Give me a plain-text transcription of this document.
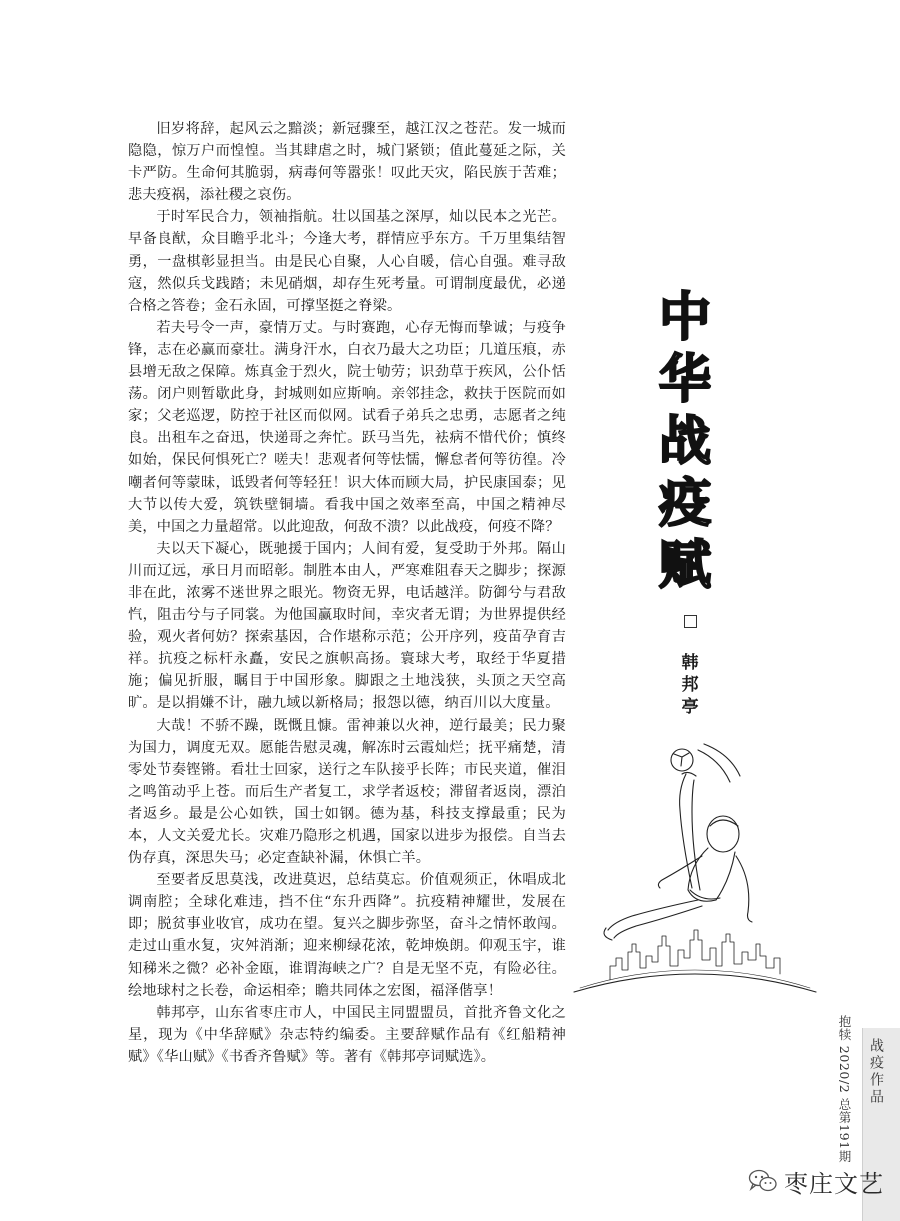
旧岁将辞，起风云之黯淡；新冠骤至，越江汉之苍茫。发一城而隐隐，惊万户而惶惶。当其肆虐之时，城门紧锁；值此蔓延之际，关卡严防。生命何其脆弱，病毒何等嚣张！叹此天灾，陷民族于苦难；悲夫疫祸，添社稷之哀伤。

于时军民合力，领袖指航。壮以国基之深厚，灿以民本之光芒。早备良猷，众目瞻乎北斗；今逢大考，群情应乎东方。千万里集结智勇，一盘棋彰显担当。由是民心自聚，人心自暖，信心自强。难寻敌寇，然似兵戈践踏；未见硝烟，却存生死考量。可谓制度最优，必递合格之答卷；金石永固，可撑坚挺之脊梁。

若夫号令一声，豪情万丈。与时赛跑，心存无悔而挚诚；与疫争锋，志在必赢而豪壮。满身汗水，白衣乃最大之功臣；几道压痕，赤县增无敌之保障。炼真金于烈火，院士劬劳；识劲草于疾风，公仆恬荡。闭户则暂歇此身，封城则如应斯响。亲邻挂念，救扶于医院而如家；父老巡逻，防控于社区而似网。试看子弟兵之忠勇，志愿者之纯良。出租车之奋迅，快递哥之奔忙。跃马当先，袪病不惜代价；慎终如始，保民何惧死亡？嗟夫！悲观者何等怯懦，懈怠者何等彷徨。冷嘲者何等蒙昧，诋毁者何等轻狂！识大体而顾大局，护民康国泰；见大节以传大爱，筑铁壁铜墙。看我中国之效率至高，中国之精神尽美，中国之力量超常。以此迎敌，何敌不溃？以此战疫，何疫不降？

夫以天下凝心，既驰援于国内；人间有爱，复受助于外邦。隔山川而辽远，承日月而昭彰。制胜本由人，严寒难阻春天之脚步；探源非在此，浓雾不迷世界之眼光。物资无界，电话越洋。防御兮与君敌忾，阻击兮与子同裳。为他国赢取时间，幸灾者无谓；为世界提供经验，观火者何妨？探索基因，合作堪称示范；公开序列，疫苗孕育吉祥。抗疫之标杆永矗，安民之旗帜高扬。寰球大考，取经于华夏措施；偏见折服，瞩目于中国形象。脚跟之土地浅狭，头顶之天空高旷。是以捐嫌不计，融九域以新格局；报怨以德，纳百川以大度量。

大哉！不骄不躁，既慨且慷。雷神兼以火神，逆行最美；民力聚为国力，调度无双。愿能告慰灵魂，解冻时云霞灿烂；抚平痛楚，清零处节奏铿锵。看壮士回家，送行之车队接乎长阵；市民夹道，催泪之鸣笛动乎上苍。而后生产者复工，求学者返校；滞留者返岗，漂泊者返乡。最是公心如铁，国士如钢。德为基，科技支撑最重；民为本，人文关爱尤长。灾难乃隐形之机遇，国家以进步为报偿。自当去伪存真，深思失马；必定查缺补漏，休惧亡羊。

至要者反思莫浅，改进莫迟，总结莫忘。价值观须正，休唱成北调南腔；全球化难违，挡不住“东升西降”。抗疫精神耀世，发展在即；脱贫事业收官，成功在望。复兴之脚步弥坚，奋斗之情怀敢闯。走过山重水复，灾舛消渐；迎来柳绿花浓，乾坤焕朗。仰观玉宇，谁知稊米之微？必补金瓯，谁谓海峡之广？自是无坚不克，有险必往。绘地球村之长卷，命运相牵；瞻共同体之宏图，福泽偕享！

韩邦亭，山东省枣庄市人，中国民主同盟盟员，首批齐鲁文化之星，现为《中华辞赋》杂志特约编委。主要辞赋作品有《红船精神赋》《华山赋》《书香齐鲁赋》等。著有《韩邦亭词赋选》。

中
华
战
疫
赋
韩
邦
亭
抱犊 2020/2 总第191期 战疫作品
枣庄文艺
